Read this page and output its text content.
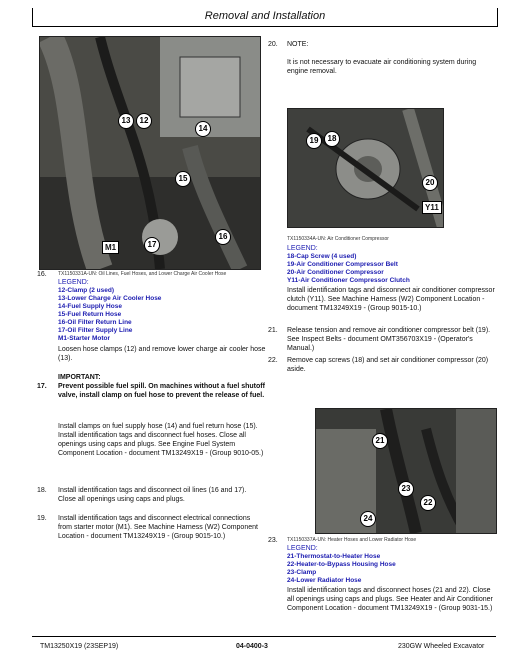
Removal and Installation
13	12
14
15
16
17
M1
16. TX1150331A-UN: Oil Lines, Fuel Hoses, and Lower Charge Air Cooler Hose
LEGEND:
12-Clamp (2 used)
13-Lower Charge Air Cooler Hose
14-Fuel Supply Hose
15-Fuel Return Hose
16-Oil Filter Return Line
17-Oil Filter Supply Line
M1-Starter Motor
Loosen hose clamps (12) and remove lower charge air cooler hose (13).
IMPORTANT:
17. Prevent possible fuel spill. On machines without a fuel shutoff valve, install clamp on fuel hose to prevent the release of fuel.
Install clamps on fuel supply hose (14) and fuel return hose (15). Install identification tags and disconnect fuel hoses. Close all openings using caps and plugs. See Engine Fuel System Component Location - document TM13249X19 - (Group 9010-05.)
18. Install identification tags and disconnect oil lines (16 and 17). Close all openings using caps and plugs.
19. Install identification tags and disconnect electrical connections from starter motor (M1). See Machine Harness (W2) Component Location - document TM13249X19 - (Group 9015-10.)
20. NOTE:
It is not necessary to evacuate air conditioning system during engine removal.
19	18
20
Y11
TX1150334A-UN: Air Conditioner Compressor
LEGEND:
18-Cap Screw (4 used)
19-Air Conditioner Compressor Belt
20-Air Conditioner Compressor
Y11-Air Conditioner Compressor Clutch
Install identification tags and disconnect air conditioner compressor clutch (Y11). See Machine Harness (W2) Component Location - document TM13249X19 - (Group 9015-10.)
21. Release tension and remove air conditioner compressor belt (19). See Inspect Belts - document OMT356703X19 - (Operator's Manual.)
22. Remove cap screws (18) and set air conditioner compressor (20) aside.
21
23
22
24
23. TX1150337A-UN: Heater Hoses and Lower Radiator Hose
LEGEND:
21-Thermostat-to-Heater Hose
22-Heater-to-Bypass Housing Hose
23-Clamp
24-Lower Radiator Hose
Install identification tags and disconnect hoses (21 and 22). Close all openings using caps and plugs. See Heater and Air Conditioner Component Location - document TM13249X19 - (Group 9031-15.)
TM13250X19 (23SEP19)	04-0400-3	230GW Wheeled Excavator
